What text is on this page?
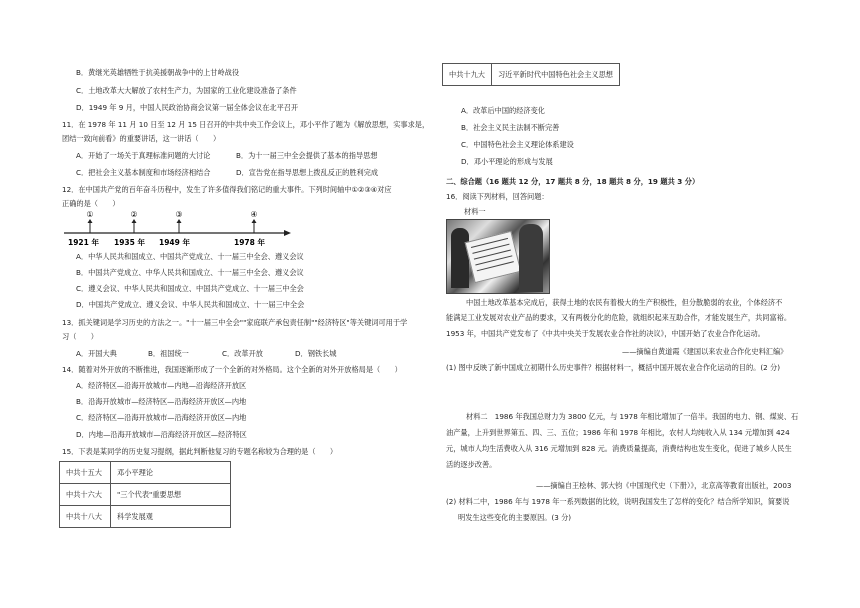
B．黄继光英雄牺牲于抗美援朝战争中的上甘岭战役
C．土地改革大大解放了农村生产力，为国家的工业化建设准备了条件
D．1949 年 9 月，中国人民政治协商会议第一届全体会议在北平召开
11．在 1978 年 11 月 10 日至 12 月 15 日召开的中共中央工作会议上，邓小平作了题为《解放思想，实事求是，
团结一致向前看》的重要讲话，这一讲话（　　）
A．开始了一场关于真理标准问题的大讨论	B．为十一届三中全会提供了基本的指导思想
C．把社会主义基本制度和市场经济相结合	D．宣告党在指导思想上拨乱反正的胜利完成
12．在中国共产党的百年奋斗历程中，发生了许多值得我们铭记的重大事件。下列时间轴中①②③④对应
正确的是（　　）
①	②	③	④
1921 年 1935 年 1949 年	1978 年
A．中华人民共和国成立、中国共产党成立、十一届三中全会、遵义会议
B．中国共产党成立、中华人民共和国成立、十一届三中全会、遵义会议
C．遵义会议、中华人民共和国成立、中国共产党成立、十一届三中全会
D．中国共产党成立、遵义会议、中华人民共和国成立、十一届三中全会
13．抓关键词是学习历史的方法之一。"十一届三中全会""家庭联产承包责任制""经济特区"等关键词可用于学
习（　　）
A．开国大典	B．祖国统一	C．改革开放	D．钢铁长城
14．随着对外开放的不断推进，我国逐渐形成了一个全新的对外格局。这个全新的对外开放格局是（　　）
A．经济特区—沿海开放城市—内地—沿海经济开放区
B．沿海开放城市—经济特区—沿海经济开放区—内地
C．经济特区—沿海开放城市—沿海经济开放区—内地
D．内地—沿海开放城市—沿海经济开放区—经济特区
15．下表是某同学的历史复习提纲，据此判断他复习的专题名称较为合理的是（　　）
中共十五大	邓小平理论
中共十六大	"三个代表"重要思想
中共十八大	科学发展观
中共十九大	习近平新时代中国特色社会主义思想
A．改革后中国的经济变化
B．社会主义民主法制不断完善
C．中国特色社会主义理论体系建设
D．邓小平理论的形成与发展
二、综合题（16 题共 12 分，17 题共 8 分，18 题共 8 分，19 题共 3 分）
16．阅读下列材料，回答问题：
材料一
中国土地改革基本完成后，获得土地的农民有着极大的生产积极性，但分散脆弱的农业，个体经济不
能满足工业发展对农业产品的要求，又有两极分化的危险，就组织起来互助合作，才能发展生产，共同富裕。
1953 年，中国共产党发布了《中共中央关于发展农业合作社的决议》，中国开始了农业合作化运动。
——摘编自黄道霞《建国以来农业合作化史料汇编》
(1) 图中反映了新中国成立初期什么历史事件？根据材料一，概括中国开展农业合作化运动的目的。(2 分)
材料二　1986 年我国总财力为 3800 亿元，与 1978 年相比增加了一倍半。我国的电力、钢、煤炭、石
油产量，上升到世界第五、四、三、五位；1986 年和 1978 年相比，农村人均纯收入从 134 元增加到 424
元，城市人均生活费收入从 316 元增加到 828 元。消费质量提高，消费结构也发生变化，促进了城乡人民生
活的逐步改善。
——摘编自王桧林、郭大钧《中国现代史（下册）》，北京高等教育出版社，2003
(2) 材料二中，1986 年与 1978 年一系列数据的比较，说明我国发生了怎样的变化？结合所学知识，简要说
明发生这些变化的主要原因。(3 分)
